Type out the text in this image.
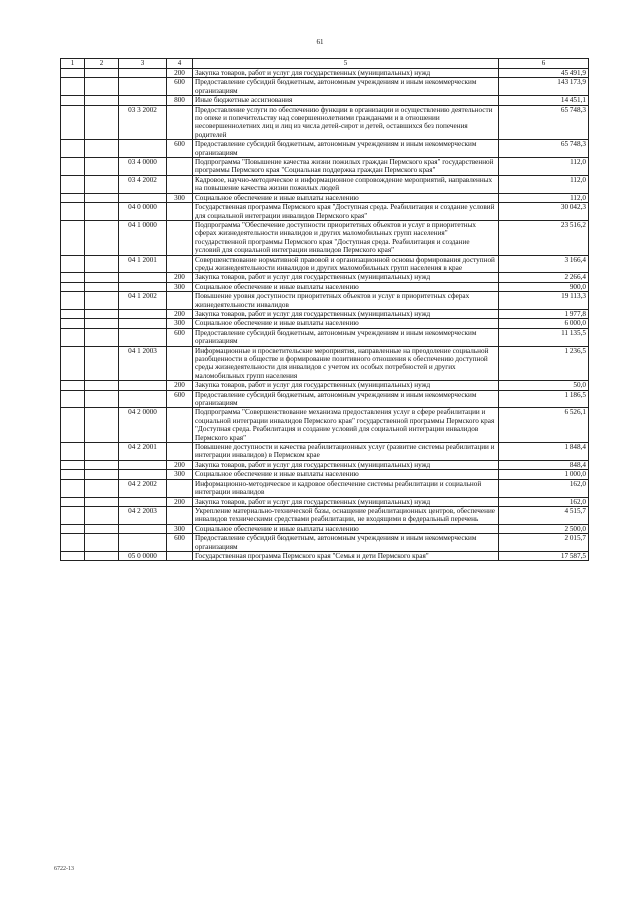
61
1	2	3	4	5	6
			200	Закупка товаров, работ и услуг для государственных (муниципальных) нужд	45 491,9
			600	Предоставление субсидий бюджетным, автономным учреждениям и иным некоммерческим организациям	143 173,9
			800	Иные бюджетные ассигнования	14 451,1
		03 3 2002		Предоставление услуги по обеспечению функции в организации и осуществлению деятельности по опеке и попечительству над совершеннолетними гражданами и в отношении несовершеннолетних лиц и лиц из числа детей-сирот и детей, оставшихся без попечения родителей	65 748,3
			600	Предоставление субсидий бюджетным, автономным учреждениям и иным некоммерческим организациям	65 748,3
		03 4 0000		Подпрограмма "Повышение качества жизни пожилых граждан Пермского края" государственной программы Пермского края "Социальная поддержка граждан Пермского края"	112,0
		03 4 2002		Кадровое, научно-методическое и информационное сопровождение мероприятий, направленных на повышение качества жизни пожилых людей	112,0
			300	Социальное обеспечение и иные выплаты населению	112,0
		04 0 0000		Государственная программа Пермского края "Доступная среда. Реабилитация и создание условий для социальной интеграции инвалидов Пермского края"	30 042,3
		04 1 0000		Подпрограмма "Обеспечение доступности приоритетных объектов и услуг в приоритетных сферах жизнедеятельности инвалидов и других маломобильных групп населения" государственной программы Пермского края "Доступная среда. Реабилитация и создание условий для социальной интеграции инвалидов Пермского края"	23 516,2
		04 1 2001		Совершенствование нормативной правовой и организационной основы формирования доступной среды жизнедеятельности инвалидов и других маломобильных групп населения в крае	3 166,4
			200	Закупка товаров, работ и услуг для государственных (муниципальных) нужд	2 266,4
			300	Социальное обеспечение и иные выплаты населению	900,0
		04 1 2002		Повышение уровня доступности приоритетных объектов и услуг в приоритетных сферах жизнедеятельности инвалидов	19 113,3
			200	Закупка товаров, работ и услуг для государственных (муниципальных) нужд	1 977,8
			300	Социальное обеспечение и иные выплаты населению	6 000,0
			600	Предоставление субсидий бюджетным, автономным учреждениям и иным некоммерческим организациям	11 135,5
		04 1 2003		Информационные и просветительские мероприятия, направленные на преодоление социальной разобщенности в обществе и формирование позитивного отношения к обеспечению доступной среды жизнедеятельности для инвалидов с учетом их особых потребностей и других маломобильных групп населения	1 236,5
			200	Закупка товаров, работ и услуг для государственных (муниципальных) нужд	50,0
			600	Предоставление субсидий бюджетным, автономным учреждениям и иным некоммерческим организациям	1 186,5
		04 2 0000		Подпрограмма "Совершенствование механизма предоставления услуг в сфере реабилитации и социальной интеграции инвалидов Пермского края" государственной программы Пермского края "Доступная среда. Реабилитация и создание условий для социальной интеграции инвалидов Пермского края"	6 526,1
		04 2 2001		Повышение доступности и качества реабилитационных услуг (развитие системы реабилитации и интеграции инвалидов) в Пермском крае	1 848,4
			200	Закупка товаров, работ и услуг для государственных (муниципальных) нужд	848,4
			300	Социальное обеспечение и иные выплаты населению	1 000,0
		04 2 2002		Информационно-методическое и кадровое обеспечение системы реабилитации и социальной интеграции инвалидов	162,0
			200	Закупка товаров, работ и услуг для государственных (муниципальных) нужд	162,0
		04 2 2003		Укрепление материально-технической базы, оснащение реабилитационных центров, обеспечение инвалидов техническими средствами реабилитации, не входящими в федеральный перечень	4 515,7
			300	Социальное обеспечение и иные выплаты населению	2 500,0
			600	Предоставление субсидий бюджетным, автономным учреждениям и иным некоммерческим организациям	2 015,7
		05 0 0000		Государственная программа Пермского края "Семья и дети Пермского края"	17 587,5
6722-13
